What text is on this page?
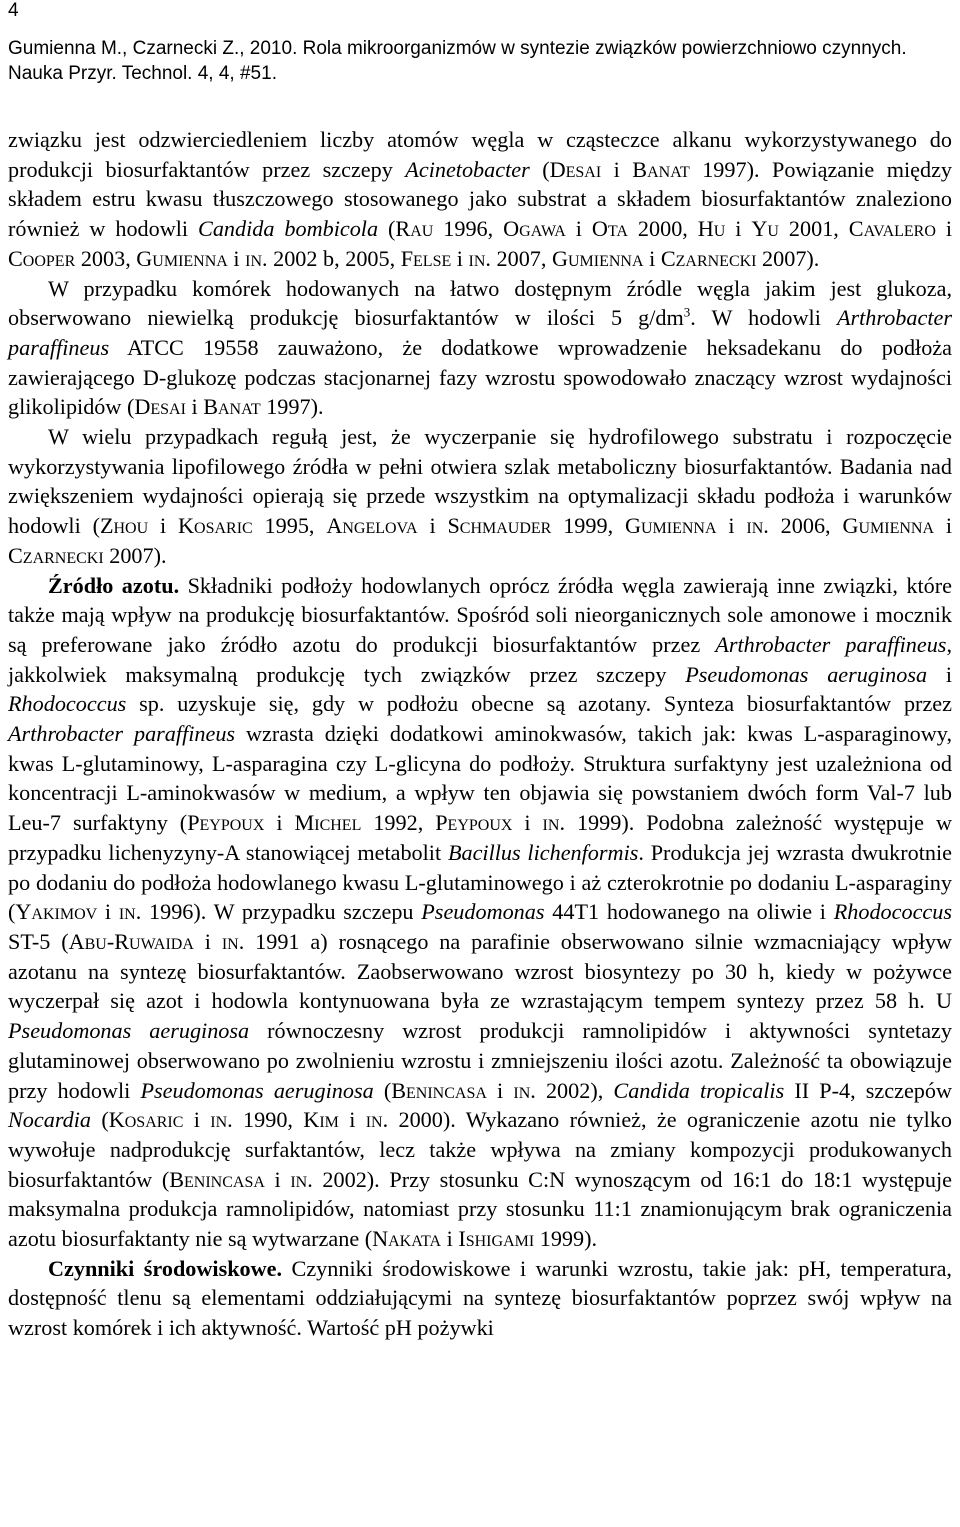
4
Gumienna M., Czarnecki Z., 2010. Rola mikroorganizmów w syntezie związków powierzchniowo czynnych. Nauka Przyr. Technol. 4, 4, #51.

związku jest odzwierciedleniem liczby atomów węgla w cząsteczce alkanu wykorzystywanego do produkcji biosurfaktantów przez szczepy Acinetobacter (Desai i Banat 1997). Powiązanie między składem estru kwasu tłuszczowego stosowanego jako substrat a składem biosurfaktantów znaleziono również w hodowli Candida bombicola (Rau 1996, Ogawa i Ota 2000, Hu i Yu 2001, Cavalero i Cooper 2003, Gumienna i in. 2002 b, 2005, Felse i in. 2007, Gumienna i Czarnecki 2007).

W przypadku komórek hodowanych na łatwo dostępnym źródle węgla jakim jest glukoza, obserwowano niewielką produkcję biosurfaktantów w ilości 5 $g/dm^3$. W hodowli Arthrobacter paraffineus ATCC 19558 zauważono, że dodatkowe wprowadzenie heksadekanu do podłoża zawierającego D-glukozę podczas stacjonarnej fazy wzrostu spowodowało znaczący wzrost wydajności glikolipidów (Desai i Banat 1997).

W wielu przypadkach regułą jest, że wyczerpanie się hydrofilowego substratu i rozpoczęcie wykorzystywania lipofilowego źródła w pełni otwiera szlak metaboliczny biosurfaktantów. Badania nad zwiększeniem wydajności opierają się przede wszystkim na optymalizacji składu podłoża i warunków hodowli (Zhou i Kosaric 1995, Angelova i Schmauder 1999, Gumienna i in. 2006, Gumienna i Czarnecki 2007).

Źródło azotu. Składniki podłoży hodowlanych oprócz źródła węgla zawierają inne związki, które także mają wpływ na produkcję biosurfaktantów. Spośród soli nieorganicznych sole amonowe i mocznik są preferowane jako źródło azotu do produkcji biosurfaktantów przez Arthrobacter paraffineus, jakkolwiek maksymalną produkcję tych związków przez szczepy Pseudomonas aeruginosa i Rhodococcus sp. uzyskuje się, gdy w podłożu obecne są azotany. Synteza biosurfaktantów przez Arthrobacter paraffineus wzrasta dzięki dodatkowi aminokwasów, takich jak: kwas L-asparaginowy, kwas L-glutaminowy, L-asparagina czy L-glicyna do podłoży. Struktura surfaktyny jest uzależniona od koncentracji L-aminokwasów w medium, a wpływ ten objawia się powstaniem dwóch form Val-7 lub Leu-7 surfaktyny (Peypoux i Michel 1992, Peypoux i in. 1999). Podobna zależność występuje w przypadku lichenyzyny-A stanowiącej metabolit Bacillus lichenformis. Produkcja jej wzrasta dwukrotnie po dodaniu do podłoża hodowlanego kwasu L-glutaminowego i aż czterokrotnie po dodaniu L-asparaginy (Yakimov i in. 1996). W przypadku szczepu Pseudomonas 44T1 hodowanego na oliwie i Rhodococcus ST-5 (Abu-Ruwaida i in. 1991 a) rosnącego na parafinie obserwowano silnie wzmacniający wpływ azotanu na syntezę biosurfaktantów. Zaobserwowano wzrost biosyntezy po 30 h, kiedy w pożywce wyczerpał się azot i hodowla kontynuowana była ze wzrastającym tempem syntezy przez 58 h. U Pseudomonas aeruginosa równoczesny wzrost produkcji ramnolipidów i aktywności syntetazy glutaminowej obserwowano po zwolnieniu wzrostu i zmniejszeniu ilości azotu. Zależność ta obowiązuje przy hodowli Pseudomonas aeruginosa (Benincasa i in. 2002), Candida tropicalis II P-4, szczepów Nocardia (Kosaric i in. 1990, Kim i in. 2000). Wykazano również, że ograniczenie azotu nie tylko wywołuje nadprodukcję surfaktantów, lecz także wpływa na zmiany kompozycji produkowanych biosurfaktantów (Benincasa i in. 2002). Przy stosunku C:N wynoszącym od 16:1 do 18:1 występuje maksymalna produkcja ramnolipidów, natomiast przy stosunku 11:1 znamionującym brak ograniczenia azotu biosurfaktanty nie są wytwarzane (Nakata i Ishigami 1999).

Czynniki środowiskowe. Czynniki środowiskowe i warunki wzrostu, takie jak: pH, temperatura, dostępność tlenu są elementami oddziałującymi na syntezę biosurfaktantów poprzez swój wpływ na wzrost komórek i ich aktywność. Wartość pH pożywki
